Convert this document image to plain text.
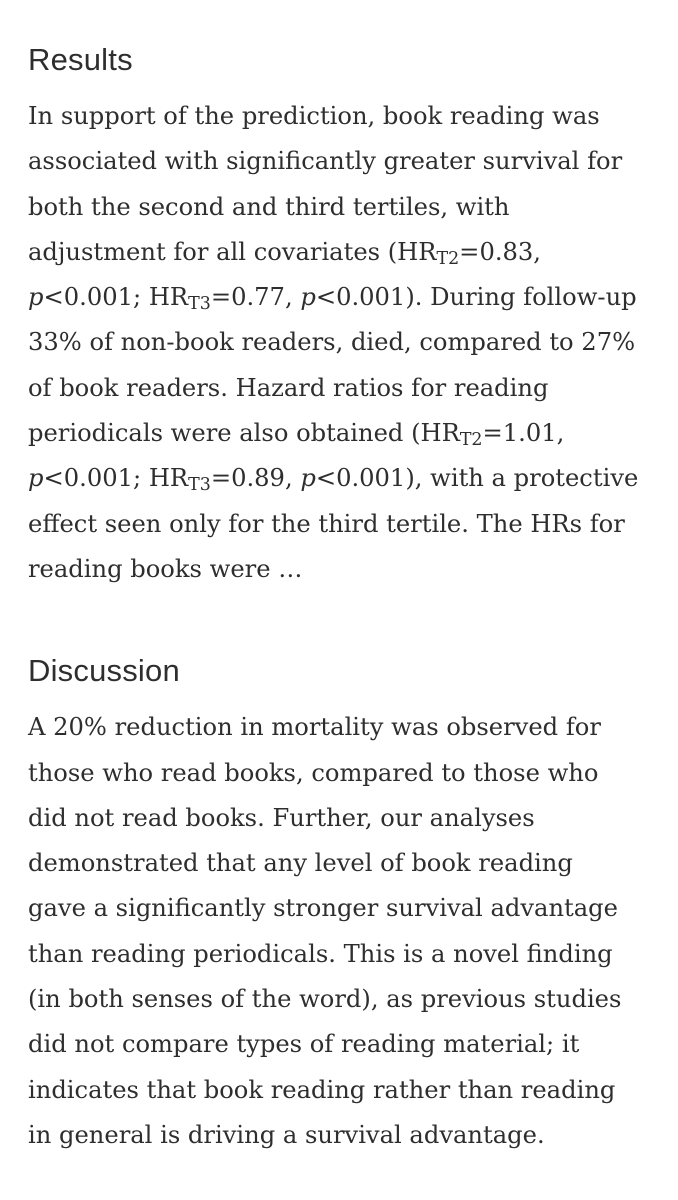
Results
In support of the prediction, book reading was
associated with significantly greater survival for
both the second and third tertiles, with
adjustment for all covariates ($HR_{T2}=0.83$,
p<0.001; $HR_{T3}=0.77$, p<0.001). During follow-up
33% of non-book readers, died, compared to 27%
of book readers. Hazard ratios for reading
periodicals were also obtained ($HR_{T2}=1.01$,
p<0.001; $HR_{T3}=0.89$, p<0.001), with a protective
effect seen only for the third tertile. The HRs for
reading books were …
Discussion
A 20% reduction in mortality was observed for
those who read books, compared to those who
did not read books. Further, our analyses
demonstrated that any level of book reading
gave a significantly stronger survival advantage
than reading periodicals. This is a novel finding
(in both senses of the word), as previous studies
did not compare types of reading material; it
indicates that book reading rather than reading
in general is driving a survival advantage.
